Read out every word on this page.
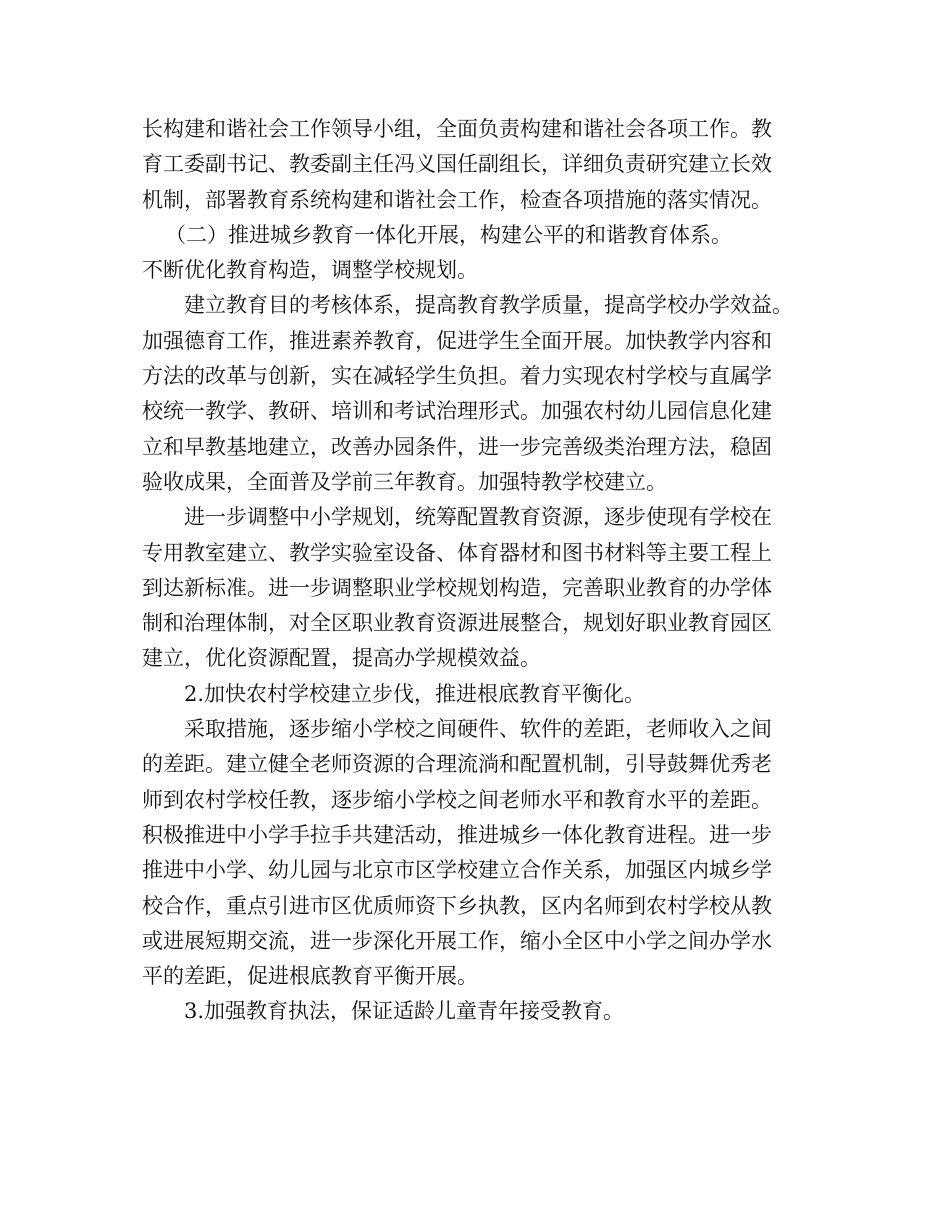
长构建和谐社会工作领导小组，全面负责构建和谐社会各项工作。教
育工委副书记、教委副主任冯义国任副组长，详细负责研究建立长效
机制，部署教育系统构建和谐社会工作，检查各项措施的落实情况。
（二）推进城乡教育一体化开展，构建公平的和谐教育体系。
不断优化教育构造，调整学校规划。
建立教育目的考核体系，提高教育教学质量，提高学校办学效益。
加强德育工作，推进素养教育，促进学生全面开展。加快教学内容和
方法的改革与创新，实在减轻学生负担。着力实现农村学校与直属学
校统一教学、教研、培训和考试治理形式。加强农村幼儿园信息化建
立和早教基地建立，改善办园条件，进一步完善级类治理方法，稳固
验收成果，全面普及学前三年教育。加强特教学校建立。
进一步调整中小学规划，统筹配置教育资源，逐步使现有学校在
专用教室建立、教学实验室设备、体育器材和图书材料等主要工程上
到达新标准。进一步调整职业学校规划构造，完善职业教育的办学体
制和治理体制，对全区职业教育资源进展整合，规划好职业教育园区
建立，优化资源配置，提高办学规模效益。
2.加快农村学校建立步伐，推进根底教育平衡化。
采取措施，逐步缩小学校之间硬件、软件的差距，老师收入之间
的差距。建立健全老师资源的合理流淌和配置机制，引导鼓舞优秀老
师到农村学校任教，逐步缩小学校之间老师水平和教育水平的差距。
积极推进中小学手拉手共建活动，推进城乡一体化教育进程。进一步
推进中小学、幼儿园与北京市区学校建立合作关系，加强区内城乡学
校合作，重点引进市区优质师资下乡执教，区内名师到农村学校从教
或进展短期交流，进一步深化开展工作，缩小全区中小学之间办学水
平的差距，促进根底教育平衡开展。
3.加强教育执法，保证适龄儿童青年接受教育。
